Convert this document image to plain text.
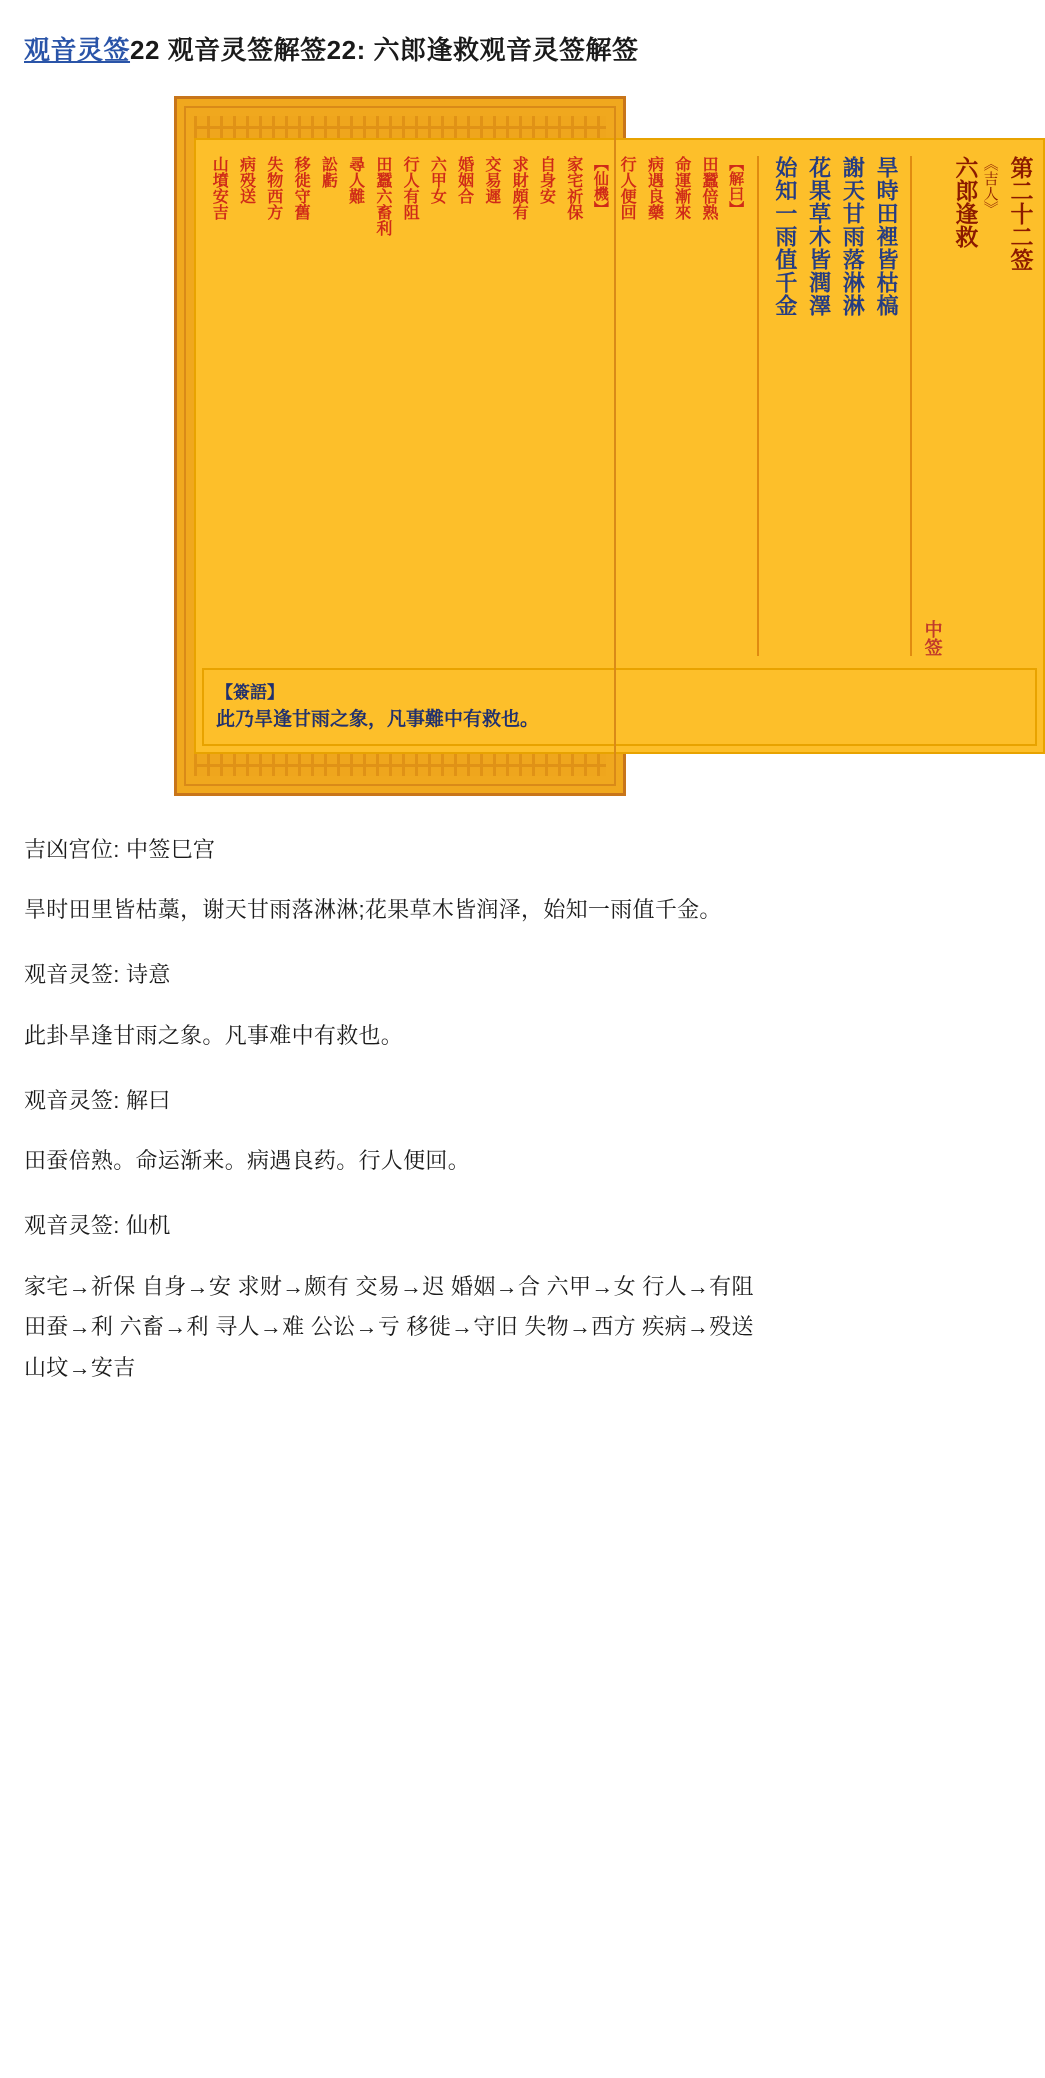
观音灵签22 观音灵签解签22: 六郎逢救观音灵签解签
第二十二签
《吉人》
六郎逢救
中签
旱時田裡皆枯槁
謝天甘雨落淋淋
花果草木皆潤澤
始知一雨值千金
【解曰】
田蠶倍熟
命運漸來
病遇良藥
行人便回
【仙機】
家宅祈保
自身安
求財頗有
交易遲
婚姻合
六甲女
行人有阻
田蠶六畜利
尋人難
訟虧
移徙守舊
失物西方
病殁送
山墳安吉
【簽語】
此乃旱逢甘雨之象，凡事難中有救也。

吉凶宫位: 中签巳宫

旱时田里皆枯藁，谢天甘雨落淋淋;花果草木皆润泽，始知一雨值千金。

观音灵签: 诗意

此卦旱逢甘雨之象。凡事难中有救也。

观音灵签: 解曰

田蚕倍熟。命运渐来。病遇良药。行人便回。

观音灵签: 仙机

家宅→祈保 自身→安 求财→颇有 交易→迟 婚姻→合 六甲→女 行人→有阻 田蚕→利 六畜→利 寻人→难 公讼→亏 移徙→守旧 失物→西方 疾病→殁送 山坟→安吉
